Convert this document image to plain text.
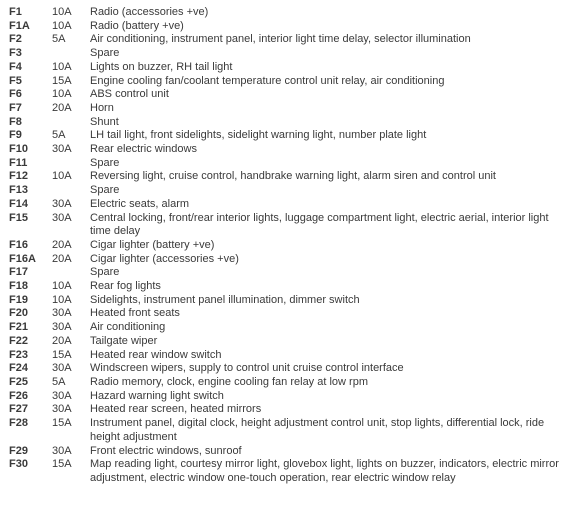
F1	10A	Radio (accessories +ve)
F1A	10A	Radio (battery +ve)
F2	5A	Air conditioning, instrument panel, interior light time delay, selector illumination
F3	Spare
F4	10A	Lights on buzzer, RH tail light
F5	15A	Engine cooling fan/coolant temperature control unit relay, air conditioning
F6	10A	ABS control unit
F7	20A	Horn
F8	Shunt
F9	5A	LH tail light, front sidelights, sidelight warning light, number plate light
F10	30A	Rear electric windows
F11	Spare
F12	10A	Reversing light, cruise control, handbrake warning light, alarm siren and control unit
F13	Spare
F14	30A	Electric seats, alarm
F15	30A	Central locking, front/rear interior lights, luggage compartment light, electric aerial, interior light time delay
F16	20A	Cigar lighter (battery +ve)
F16A	20A	Cigar lighter (accessories +ve)
F17	Spare
F18	10A	Rear fog lights
F19	10A	Sidelights, instrument panel illumination, dimmer switch
F20	30A	Heated front seats
F21	30A	Air conditioning
F22	20A	Tailgate wiper
F23	15A	Heated rear window switch
F24	30A	Windscreen wipers, supply to control unit cruise control interface
F25	5A	Radio memory, clock, engine cooling fan relay at low rpm
F26	30A	Hazard warning light switch
F27	30A	Heated rear screen, heated mirrors
F28	15A	Instrument panel, digital clock, height adjustment control unit, stop lights, differential lock, ride height adjustment
F29	30A	Front electric windows, sunroof
F30	15A	Map reading light, courtesy mirror light, glovebox light, lights on buzzer, indicators, electric mirror adjustment, electric window one-touch operation, rear electric window relay
